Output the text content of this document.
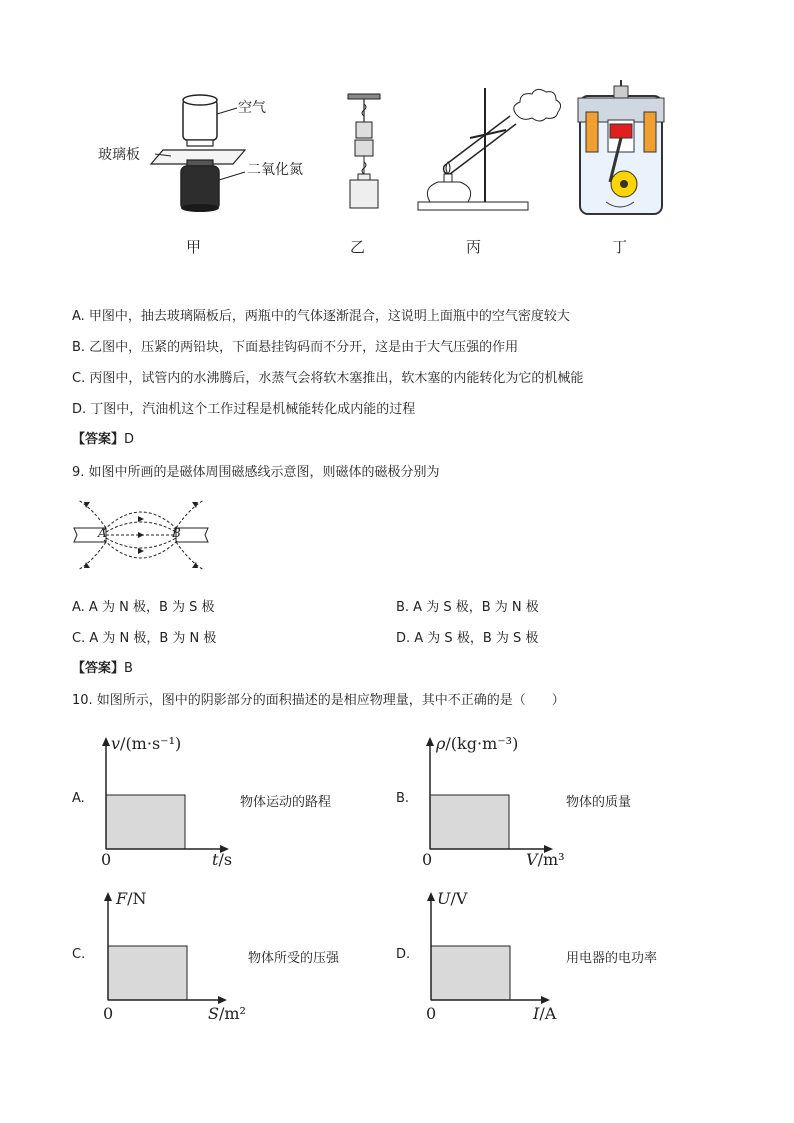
空气
玻璃板
二氧化氮
甲	乙	丙	丁
A. 甲图中，抽去玻璃隔板后，两瓶中的气体逐渐混合，这说明上面瓶中的空气密度较大
B. 乙图中，压紧的两铅块，下面悬挂钩码而不分开，这是由于大气压强的作用
C. 丙图中，试管内的水沸腾后，水蒸气会将软木塞推出，软木塞的内能转化为它的机械能
D. 丁图中，汽油机这个工作过程是机械能转化成内能的过程
【答案】D
9. 如图中所画的是磁体周围磁感线示意图，则磁体的磁极分别为
A	B
A. A 为 N 极，B 为 S 极	B. A 为 S 极，B 为 N 极
C. A 为 N 极，B 为 N 极	D. A 为 S 极，B 为 S 极
【答案】B
10. 如图所示，图中的阴影部分的面积描述的是相应物理量，其中不正确的是（　　）
A.
v/(m·s⁻¹)
0	t/s
物体运动的路程	B.
ρ/(kg·m⁻³)
0	V/m³
物体的质量
C.
F/N
0	S/m²
物体所受的压强	D.
U/V
0	I/A
用电器的电功率
